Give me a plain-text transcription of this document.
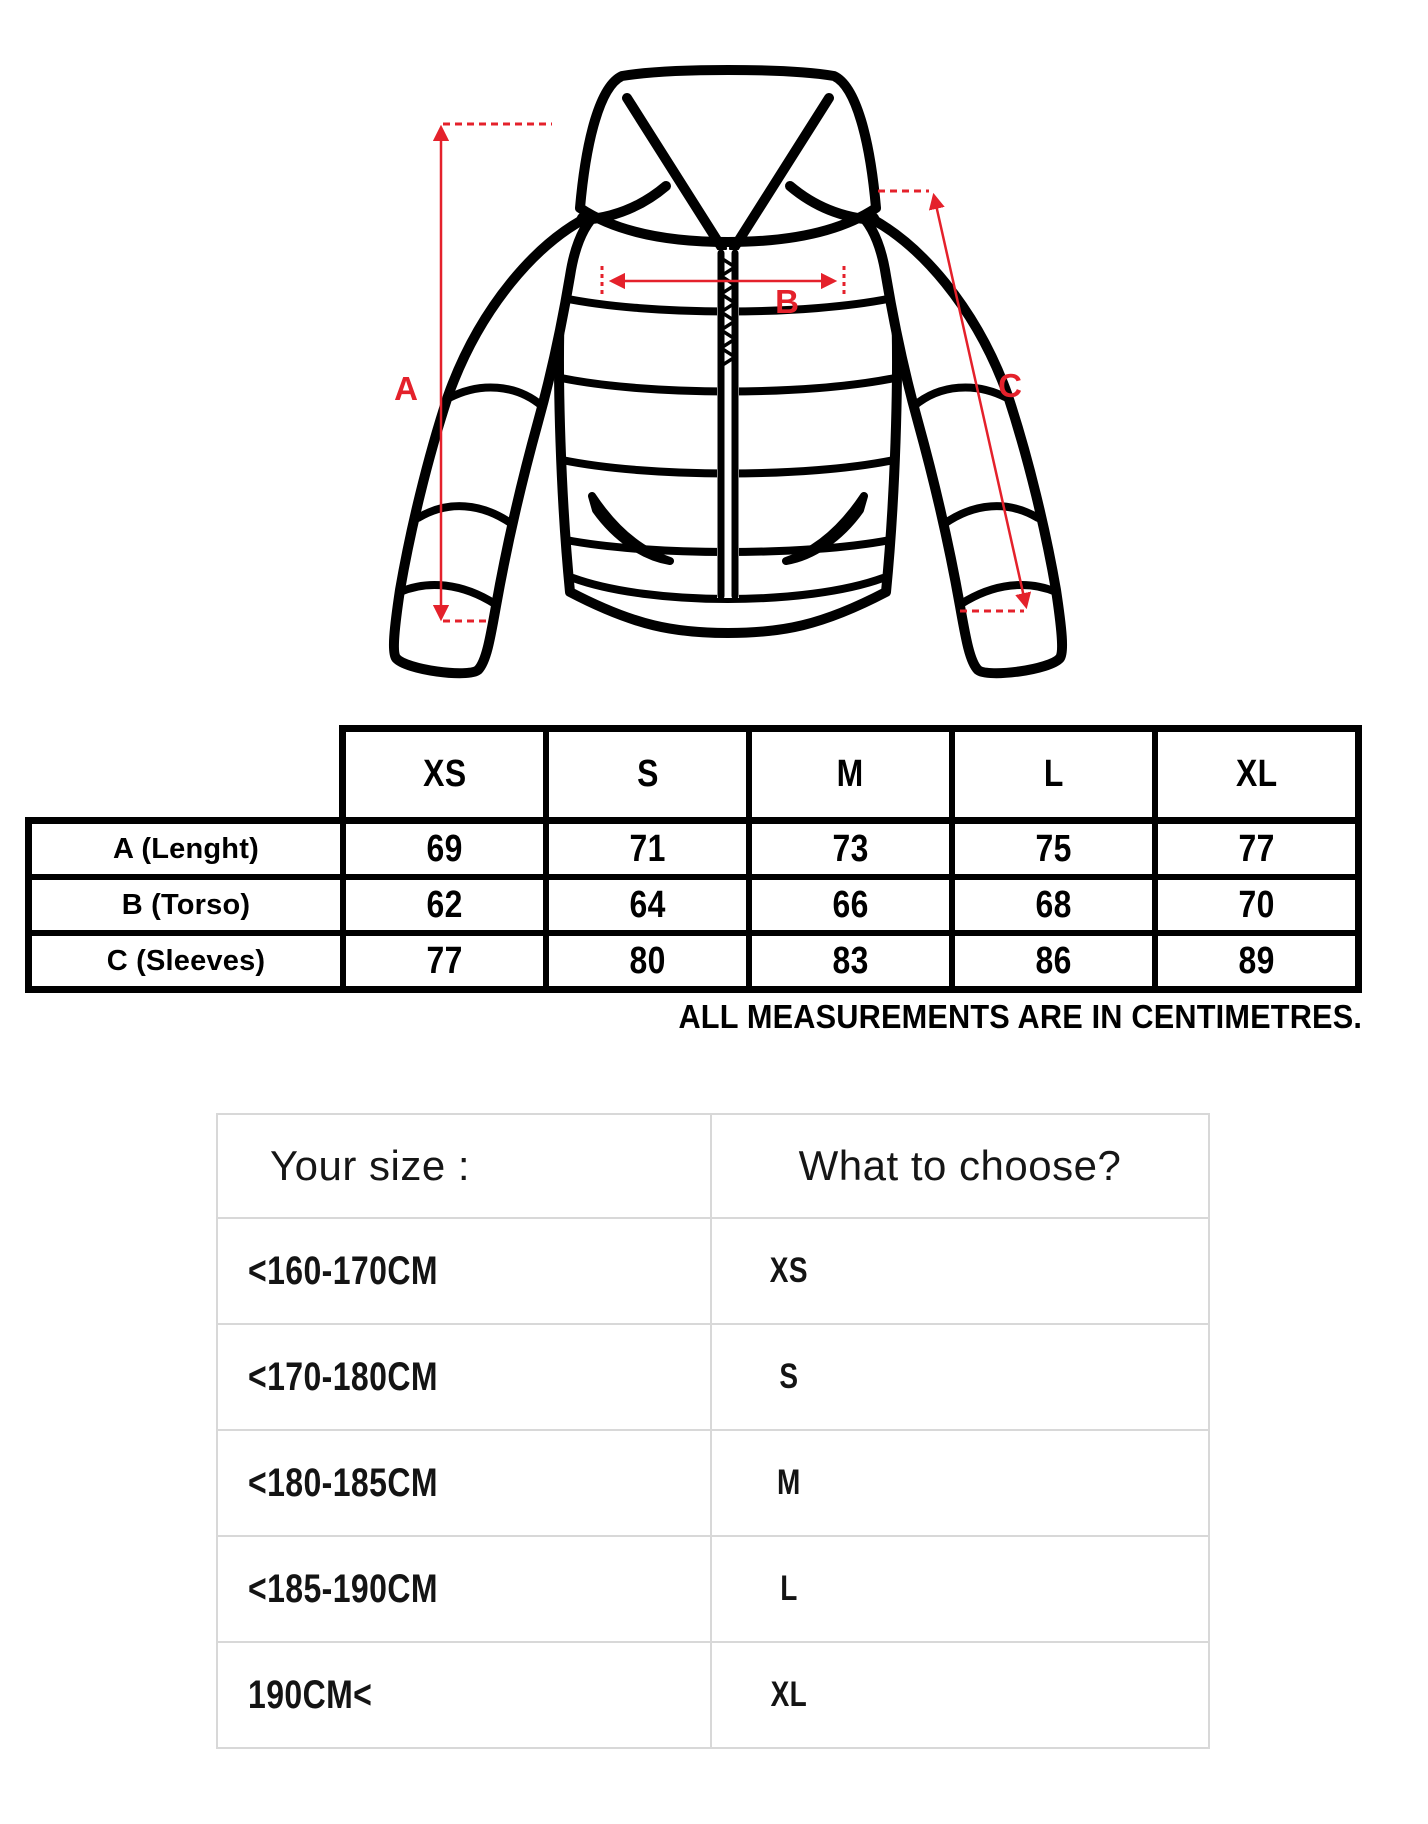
A
B
C
XS	S	M	L	XL
A (Lenght)	69	71	73	75	77
B (Torso)	62	64	66	68	70
C (Sleeves)	77	80	83	86	89
ALL MEASUREMENTS ARE IN CENTIMETRES.
Your size :	What to choose?
<160-170CM	XS
<170-180CM	S
<180-185CM	M
<185-190CM	L
190CM<	XL
